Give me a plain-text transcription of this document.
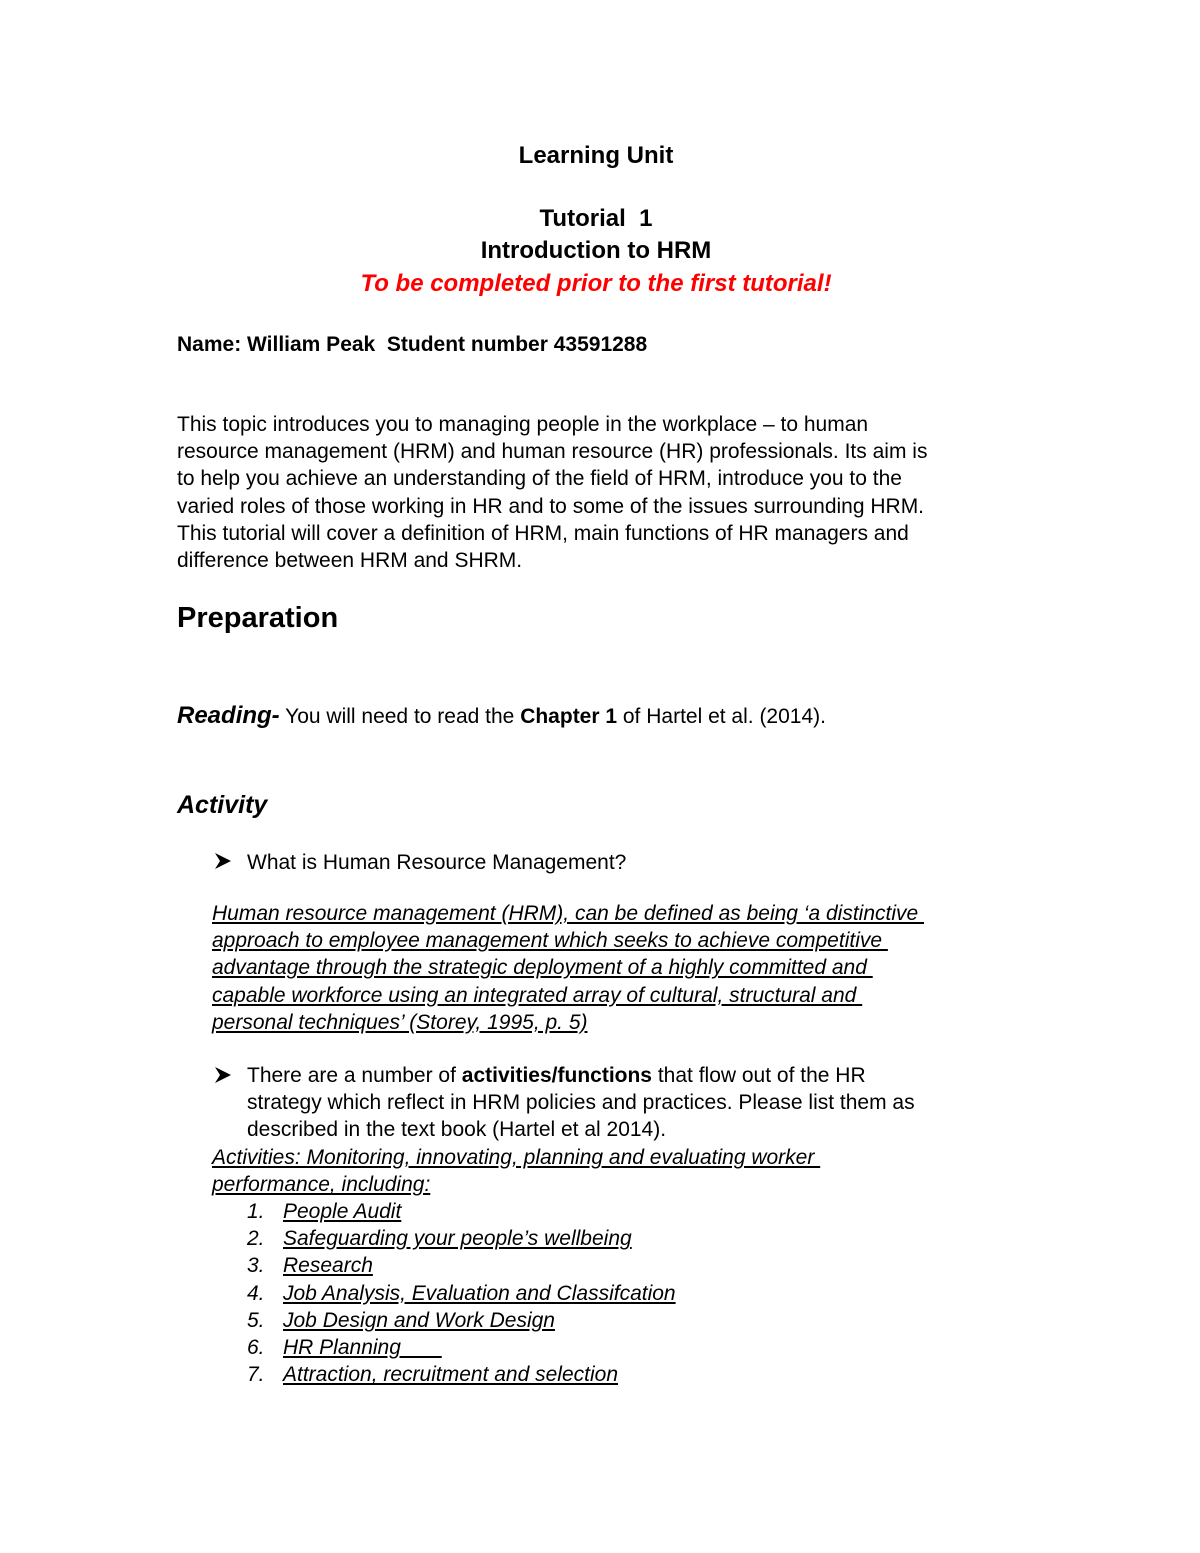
Learning Unit
Tutorial  1
Introduction to HRM
To be completed prior to the first tutorial!
Name: William Peak  Student number 43591288
This topic introduces you to managing people in the workplace – to human
resource management (HRM) and human resource (HR) professionals. Its aim is
to help you achieve an understanding of the field of HRM, introduce you to the
varied roles of those working in HR and to some of the issues surrounding HRM.
This tutorial will cover a definition of HRM, main functions of HR managers and
difference between HRM and SHRM.
Preparation
Reading- You will need to read the Chapter 1 of Hartel et al. (2014).
Activity
What is Human Resource Management?
Human resource management (HRM), can be defined as being ‘a distinctive
approach to employee management which seeks to achieve competitive
advantage through the strategic deployment of a highly committed and
capable workforce using an integrated array of cultural, structural and
personal techniques’ (Storey, 1995, p. 5)
There are a number of activities/functions that flow out of the HR
strategy which reflect in HRM policies and practices. Please list them as
described in the text book (Hartel et al 2014).
Activities: Monitoring, innovating, planning and evaluating worker
performance, including:
1. People Audit
2. Safeguarding your people’s wellbeing
3. Research
4. Job Analysis, Evaluation and Classifcation
5. Job Design and Work Design
6. HR Planning
7. Attraction, recruitment and selection
